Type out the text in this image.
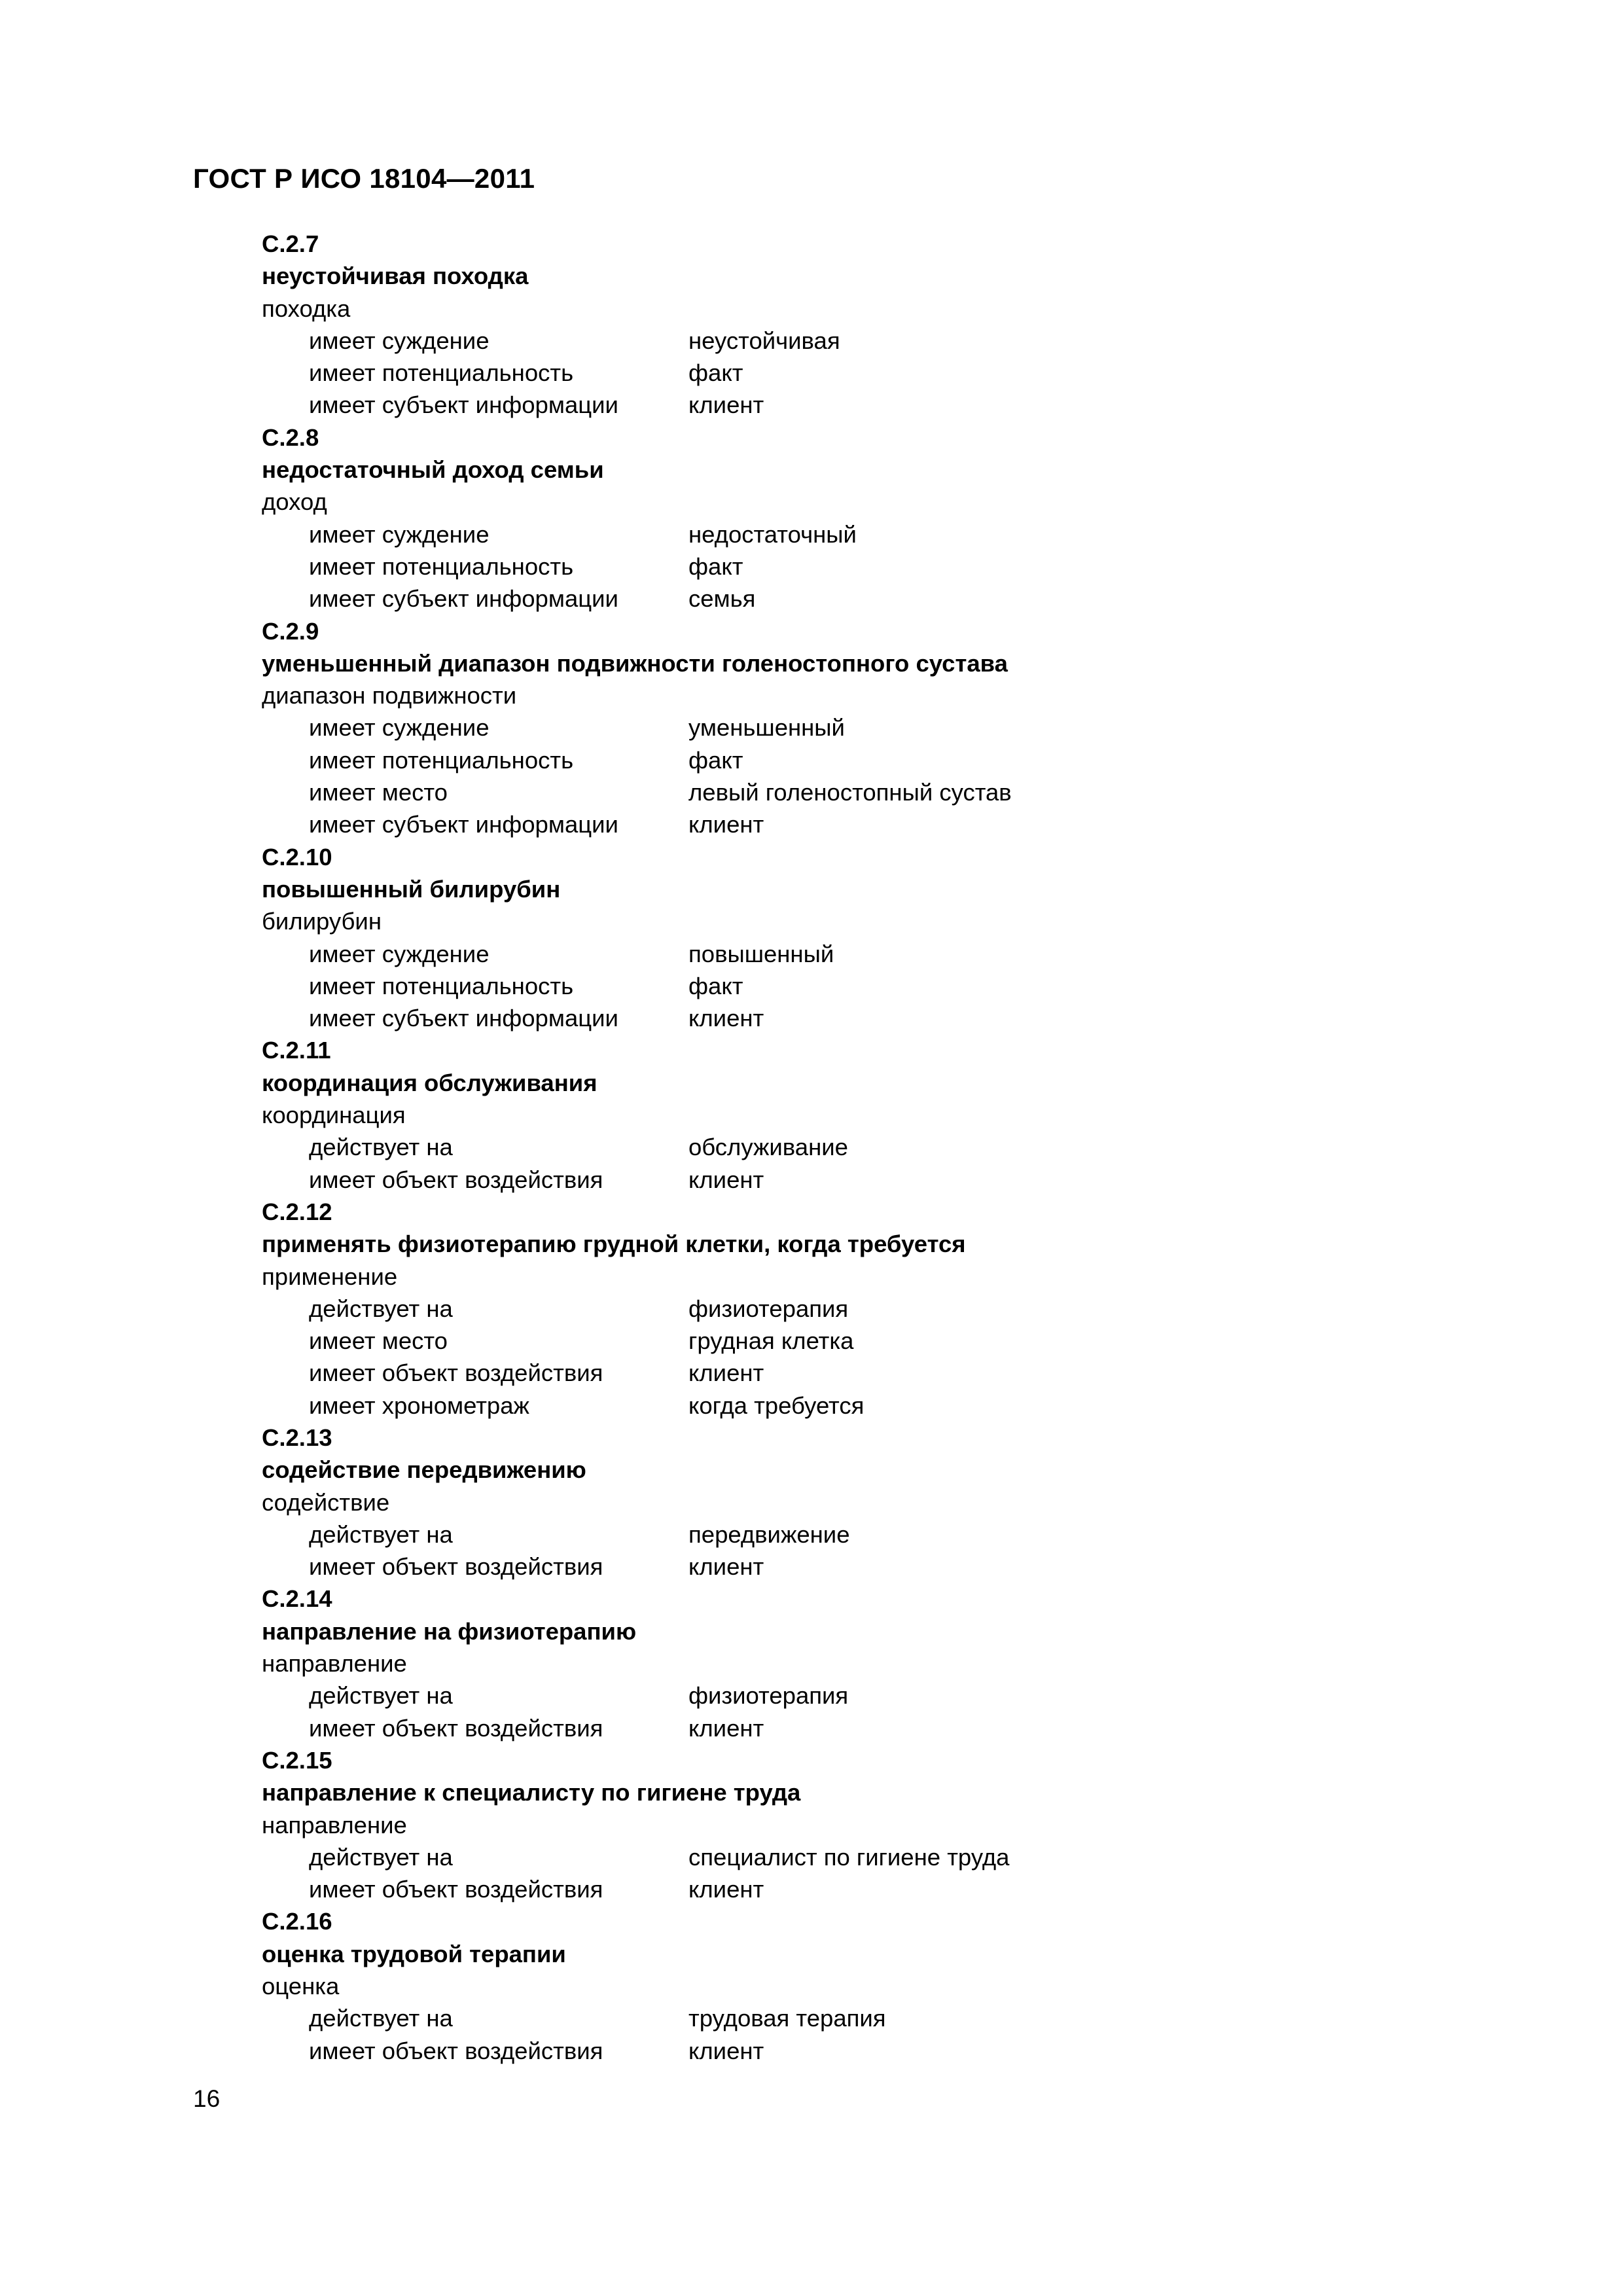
ГОСТ Р ИСО 18104—2011
C.2.7
неустойчивая походка
походка
имеет суждение	неустойчивая
имеет потенциальность	факт
имеет субъект информации	клиент
C.2.8
недостаточный доход семьи
доход
имеет суждение	недостаточный
имеет потенциальность	факт
имеет субъект информации	семья
C.2.9
уменьшенный диапазон подвижности голеностопного сустава
диапазон подвижности
имеет суждение	уменьшенный
имеет потенциальность	факт
имеет место	левый голеностопный сустав
имеет субъект информации	клиент
C.2.10
повышенный билирубин
билирубин
имеет суждение	повышенный
имеет потенциальность	факт
имеет субъект информации	клиент
C.2.11
координация обслуживания
координация
действует на	обслуживание
имеет объект воздействия	клиент
C.2.12
применять физиотерапию грудной клетки, когда требуется
применение
действует на	физиотерапия
имеет место	грудная клетка
имеет объект воздействия	клиент
имеет хронометраж	когда требуется
C.2.13
содействие передвижению
содействие
действует на	передвижение
имеет объект воздействия	клиент
C.2.14
направление на физиотерапию
направление
действует на	физиотерапия
имеет объект воздействия	клиент
C.2.15
направление к специалисту по гигиене труда
направление
действует на	специалист по гигиене труда
имеет объект воздействия	клиент
C.2.16
оценка трудовой терапии
оценка
действует на	трудовая терапия
имеет объект воздействия	клиент
16
